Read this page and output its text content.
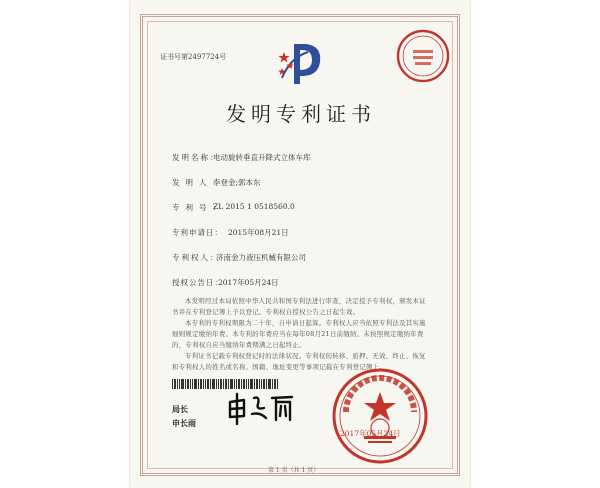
证书号第2497724号
发明专利证书
发明名称：
电动旋转垂直升降式立体车库
发明人：
李登金;郭本东
专利号：
ZL 2015 1 0518560.0
专利申请日： 2015年08月21日
专利权人：
济南金力液压机械有限公司
授权公告日：
2017年05月24日
本发明经过本局依照中华人民共和国专利法进行审查，决定授予专利权，颁发本证书并在专利登记簿上予以登记。专利权自授权公告之日起生效。
本专利的专利权期限为二十年，自申请日起算。专利权人应当依照专利法及其实施细则规定缴纳年费。本专利的年费应当在每年08月21日前缴纳。未按照规定缴纳年费的，专利权自应当缴纳年费期满之日起终止。
专利证书记载专利权登记时的法律状况。专利权的转移、质押、无效、终止、恢复和专利权人的姓名或名称、国籍、地址变更等事项记载在专利登记簿上。
局长
申长雨
2017年05月24日
第 1 页（共 1 页）
